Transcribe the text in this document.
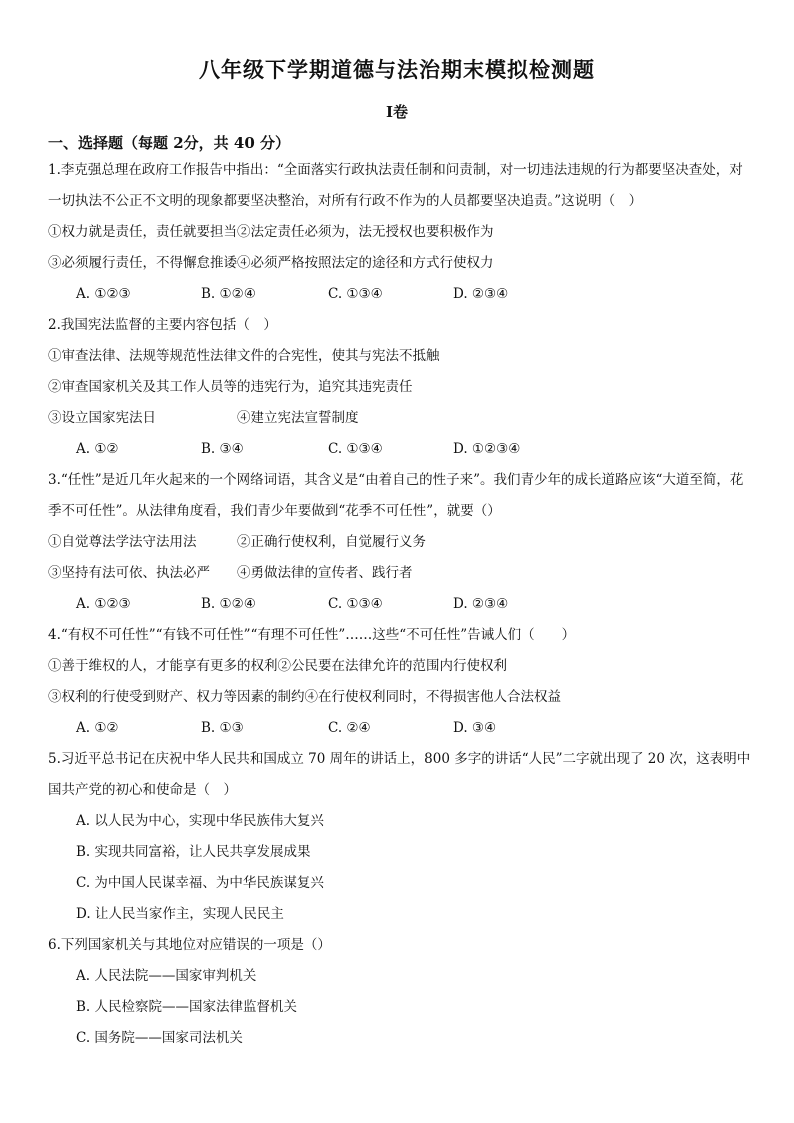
八年级下学期道德与法治期末模拟检测题
Ⅰ卷
一、选择题（每题 2分，共 40 分）

1.李克强总理在政府工作报告中指出：“全面落实行政执法责任制和问责制，对一切违法违规的行为都要坚决查处，对一切执法不公正不文明的现象都要坚决整治，对所有行政不作为的人员都要坚决追责。”这说明（　）

①权力就是责任，责任就要担当②法定责任必须为，法无授权也要积极作为
③必须履行责任，不得懈怠推诿④必须严格按照法定的途径和方式行使权力
A. ①②③	B. ①②④	C. ①③④	D. ②③④

2.我国宪法监督的主要内容包括（　）

①审查法律、法规等规范性法律文件的合宪性，使其与宪法不抵触
②审查国家机关及其工作人员等的违宪行为，追究其违宪责任
③设立国家宪法日　　　　　　④建立宪法宣誓制度
A. ①②	B. ③④	C. ①③④	D. ①②③④

3.“任性”是近几年火起来的一个网络词语，其含义是“由着自己的性子来”。我们青少年的成长道路应该“大道至简，花季不可任性”。从法律角度看，我们青少年要做到“花季不可任性”，就要（）

①自觉尊法学法守法用法　　　②正确行使权利，自觉履行义务
③坚持有法可依、执法必严　　④勇做法律的宣传者、践行者
A. ①②③	B. ①②④	C. ①③④	D. ②③④

4.“有权不可任性”“有钱不可任性”“有理不可任性”……这些“不可任性”告诫人们（　　）

①善于维权的人，才能享有更多的权利②公民要在法律允许的范围内行使权利
③权利的行使受到财产、权力等因素的制约④在行使权利同时，不得损害他人合法权益
A. ①②	B. ①③	C. ②④	D. ③④

5.习近平总书记在庆祝中华人民共和国成立 70 周年的讲话上，800 多字的讲话“人民”二字就出现了 20 次，这表明中国共产党的初心和使命是（　）

A. 以人民为中心，实现中华民族伟大复兴
B. 实现共同富裕，让人民共享发展成果
C. 为中国人民谋幸福、为中华民族谋复兴
D. 让人民当家作主，实现人民民主

6.下列国家机关与其地位对应错误的一项是（）

A. 人民法院——国家审判机关
B. 人民检察院——国家法律监督机关
C. 国务院——国家司法机关
